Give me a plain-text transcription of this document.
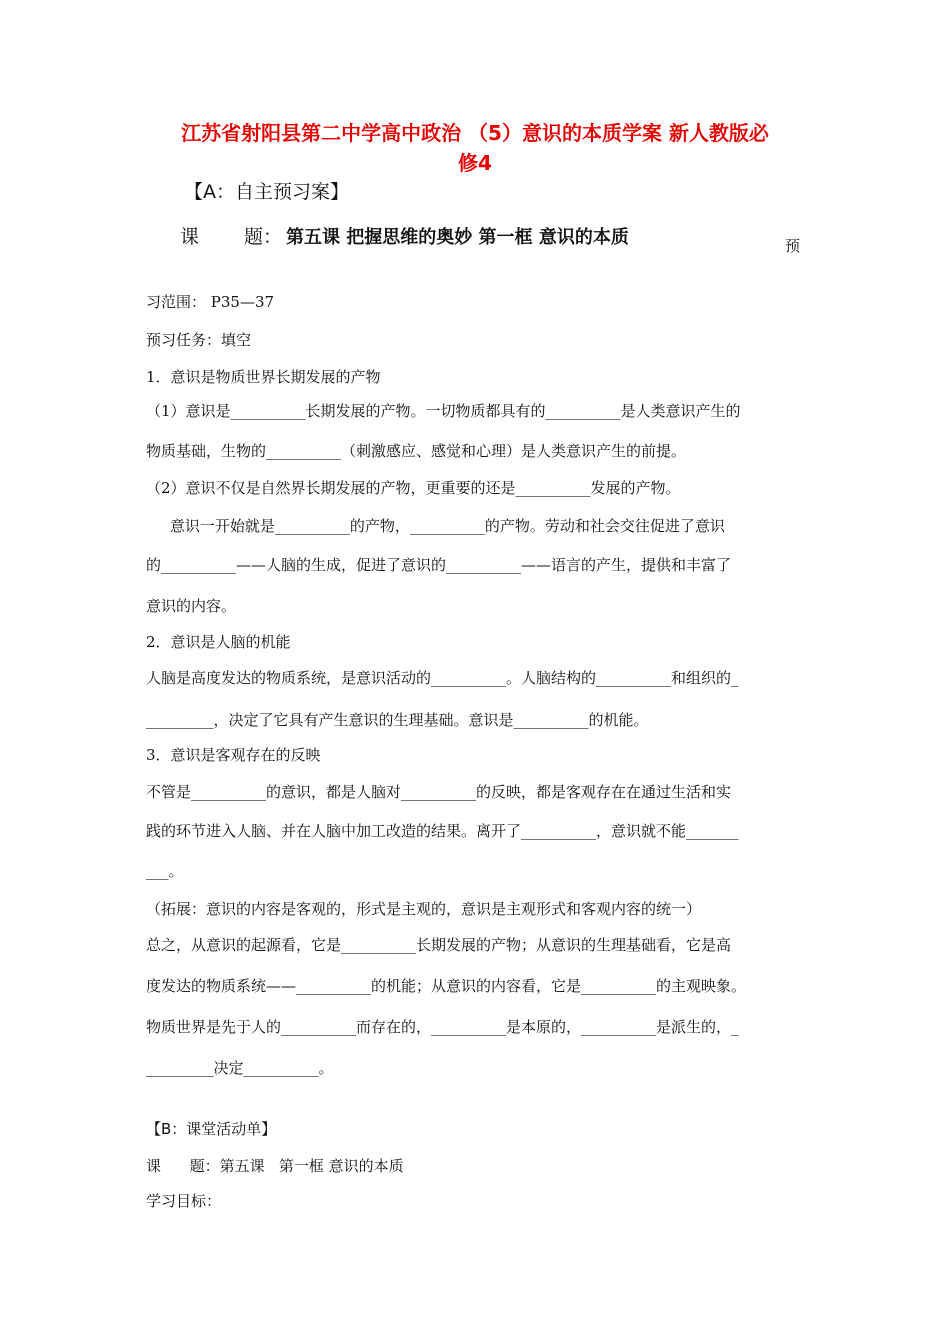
江苏省射阳县第二中学高中政治 （5）意识的本质学案 新人教版必
修4
【A：自主预习案】
课 题： 第五课 把握思维的奥妙 第一框 意识的本质	预
习范围： P35—37
预习任务：填空
1．意识是物质世界长期发展的产物
（1）意识是__________长期发展的产物。一切物质都具有的__________是人类意识产生的
物质基础，生物的__________（刺激感应、感觉和心理）是人类意识产生的前提。
（2）意识不仅是自然界长期发展的产物，更重要的还是__________发展的产物。
意识一开始就是__________的产物，__________的产物。劳动和社会交往促进了意识
的__________——人脑的生成，促进了意识的__________——语言的产生，提供和丰富了
意识的内容。
2．意识是人脑的机能
人脑是高度发达的物质系统，是意识活动的__________。人脑结构的__________和组织的_
_________，决定了它具有产生意识的生理基础。意识是__________的机能。
3．意识是客观存在的反映
不管是__________的意识，都是人脑对__________的反映，都是客观存在在通过生活和实
践的环节进入人脑、并在人脑中加工改造的结果。离开了__________，意识就不能_______
___。
（拓展：意识的内容是客观的，形式是主观的，意识是主观形式和客观内容的统一）
总之，从意识的起源看，它是__________长期发展的产物；从意识的生理基础看，它是高
度发达的物质系统——__________的机能；从意识的内容看，它是__________的主观映象。
物质世界是先于人的__________而存在的，__________是本原的，__________是派生的，_
_________决定__________。
【B：课堂活动单】
课      题：第五课   第一框 意识的本质
学习目标：
